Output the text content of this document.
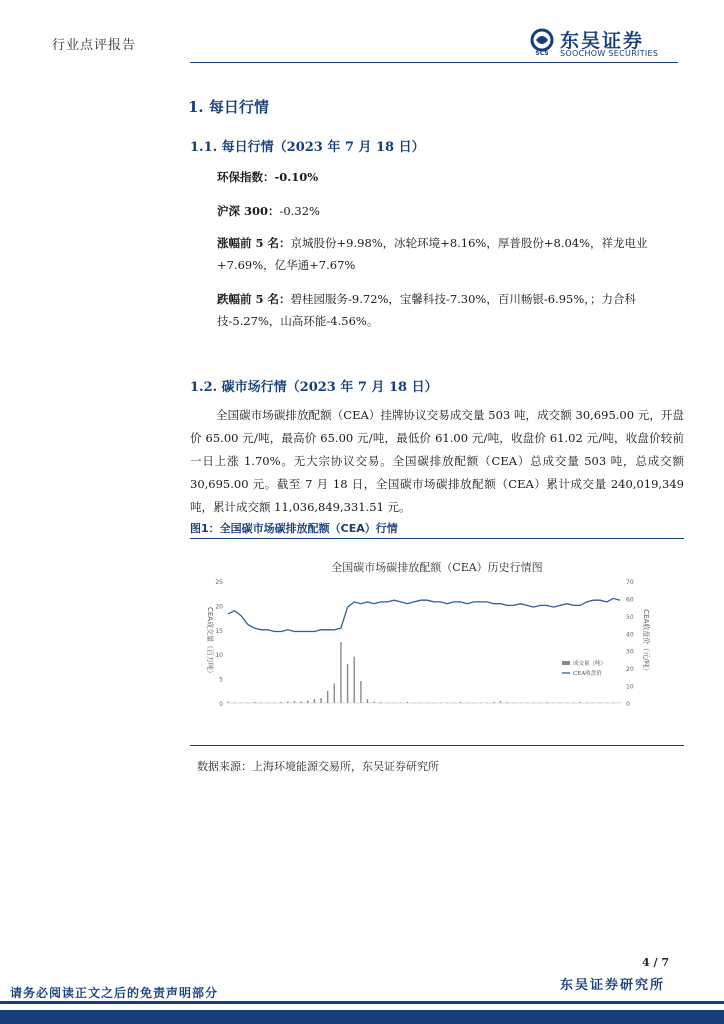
行业点评报告
SCS
东吴证券
SOOCHOW SECURITIES
1. 每日行情
1.1. 每日行情（2023 年 7 月 18 日）
环保指数：-0.10%
沪深 300：-0.32%
涨幅前 5 名：京城股份+9.98%，冰轮环境+8.16%，厚普股份+8.04%，祥龙电业+7.69%，亿华通+7.67%
跌幅前 5 名：碧桂园服务-9.72%，宝馨科技-7.30%，百川畅银-6.95%，；力合科技-5.27%，山高环能-4.56%。
1.2. 碳市场行情（2023 年 7 月 18 日）
全国碳市场碳排放配额（CEA）挂牌协议交易成交量 503 吨，成交额 30,695.00 元，开盘价 65.00 元/吨，最高价 65.00 元/吨，最低价 61.00 元/吨，收盘价 61.02 元/吨，收盘价较前一日上涨 1.70%。无大宗协议交易。全国碳排放配额（CEA）总成交量 503 吨，总成交额 30,695.00 元。截至 7 月 18 日，全国碳市场碳排放配额（CEA）累计成交量 240,019,349 吨，累计成交额 11,036,849,331.51 元。
图1：全国碳市场碳排放配额（CEA）行情
全国碳市场碳排放配额（CEA）历史行情图
0
5
10
15
20
25
0
10
20
30
40
50
60
70
CEA成交量（百万吨）	CEA收盘价（元/吨）
成交量（吨）
CEA收盘价
数据来源：上海环境能源交易所，东吴证券研究所
4 / 7
东吴证券研究所
请务必阅读正文之后的免责声明部分
